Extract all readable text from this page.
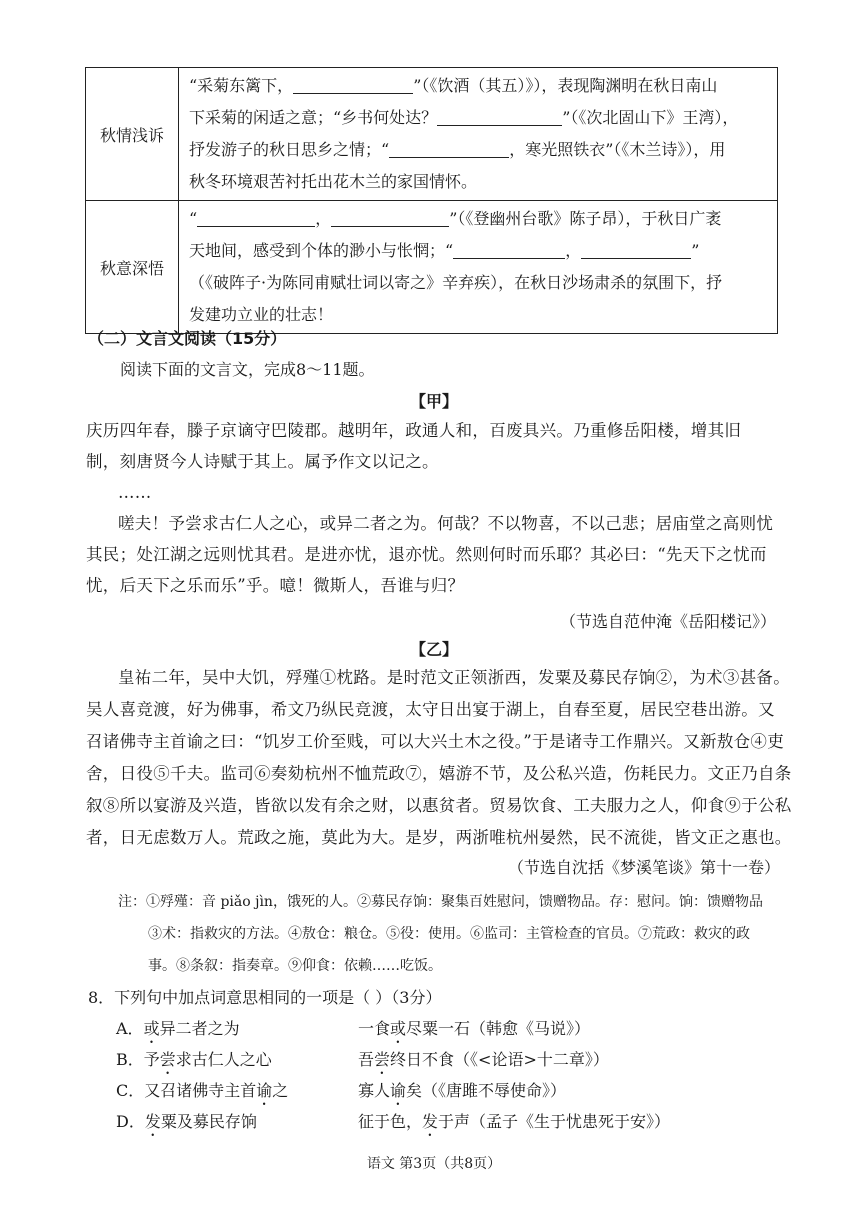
秋情浅诉	“采菊东篱下， ”（《饮酒（其五）》），表现陶渊明在秋日南山
下采菊的闲适之意；“乡书何处达？ ”（《次北固山下》王湾），
抒发游子的秋日思乡之情；“ ，寒光照铁衣”（《木兰诗》），用
秋冬环境艰苦衬托出花木兰的家国情怀。

秋意深悟	“ ， ”（《登幽州台歌》陈子昂），于秋日广袤
天地间，感受到个体的渺小与怅惘；“ ， ”
（《破阵子·为陈同甫赋壮词以寄之》辛弃疾），在秋日沙场肃杀的氛围下，抒
发建功立业的壮志！
（二）文言文阅读（15分）
阅读下面的文言文，完成8～11题。
【甲】
庆历四年春，滕子京谪守巴陵郡。越明年，政通人和，百废具兴。乃重修岳阳楼，增其旧
制，刻唐贤今人诗赋于其上。属予作文以记之。
……
嗟夫！予尝求古仁人之心，或异二者之为。何哉？不以物喜，不以己悲；居庙堂之高则忧
其民；处江湖之远则忧其君。是进亦忧，退亦忧。然则何时而乐耶？其必曰：“先天下之忧而
忧，后天下之乐而乐”乎。噫！微斯人，吾谁与归？
（节选自范仲淹《岳阳楼记》）
【乙】
皇祐二年，吴中大饥，殍殣①枕路。是时范文正领浙西，发粟及募民存饷②，为术③甚备。
吴人喜竞渡，好为佛事，希文乃纵民竞渡，太守日出宴于湖上，自春至夏，居民空巷出游。又
召诸佛寺主首谕之曰：“饥岁工价至贱，可以大兴土木之役。”于是诸寺工作鼎兴。又新敖仓④吏
舍，日役⑤千夫。监司⑥奏劾杭州不恤荒政⑦，嬉游不节，及公私兴造，伤耗民力。文正乃自条
叙⑧所以宴游及兴造，皆欲以发有余之财，以惠贫者。贸易饮食、工夫服力之人，仰食⑨于公私
者，日无虑数万人。荒政之施，莫此为大。是岁，两浙唯杭州晏然，民不流徙，皆文正之惠也。
（节选自沈括《梦溪笔谈》第十一卷）
注：①殍殣：音 piǎo jìn，饿死的人。②募民存饷：聚集百姓慰问，馈赠物品。存：慰问。饷：馈赠物品
③术：指救灾的方法。④敖仓：粮仓。⑤役：使用。⑥监司：主管检查的官员。⑦荒政：救灾的政
事。⑧条叙：指奏章。⑨仰食：依赖……吃饭。
8．下列句中加点词意思相同的一项是（ ）（3分）
A．或异二者之为	一食或尽粟一石（韩愈《马说》）
B．予尝求古仁人之心	吾尝终日不食（《<论语>十二章》）
C．又召诸佛寺主首谕之	寡人谕矣（《唐雎不辱使命》）
D．发粟及募民存饷	征于色，发于声（孟子《生于忧患死于安》）
语文 第3页（共8页）
